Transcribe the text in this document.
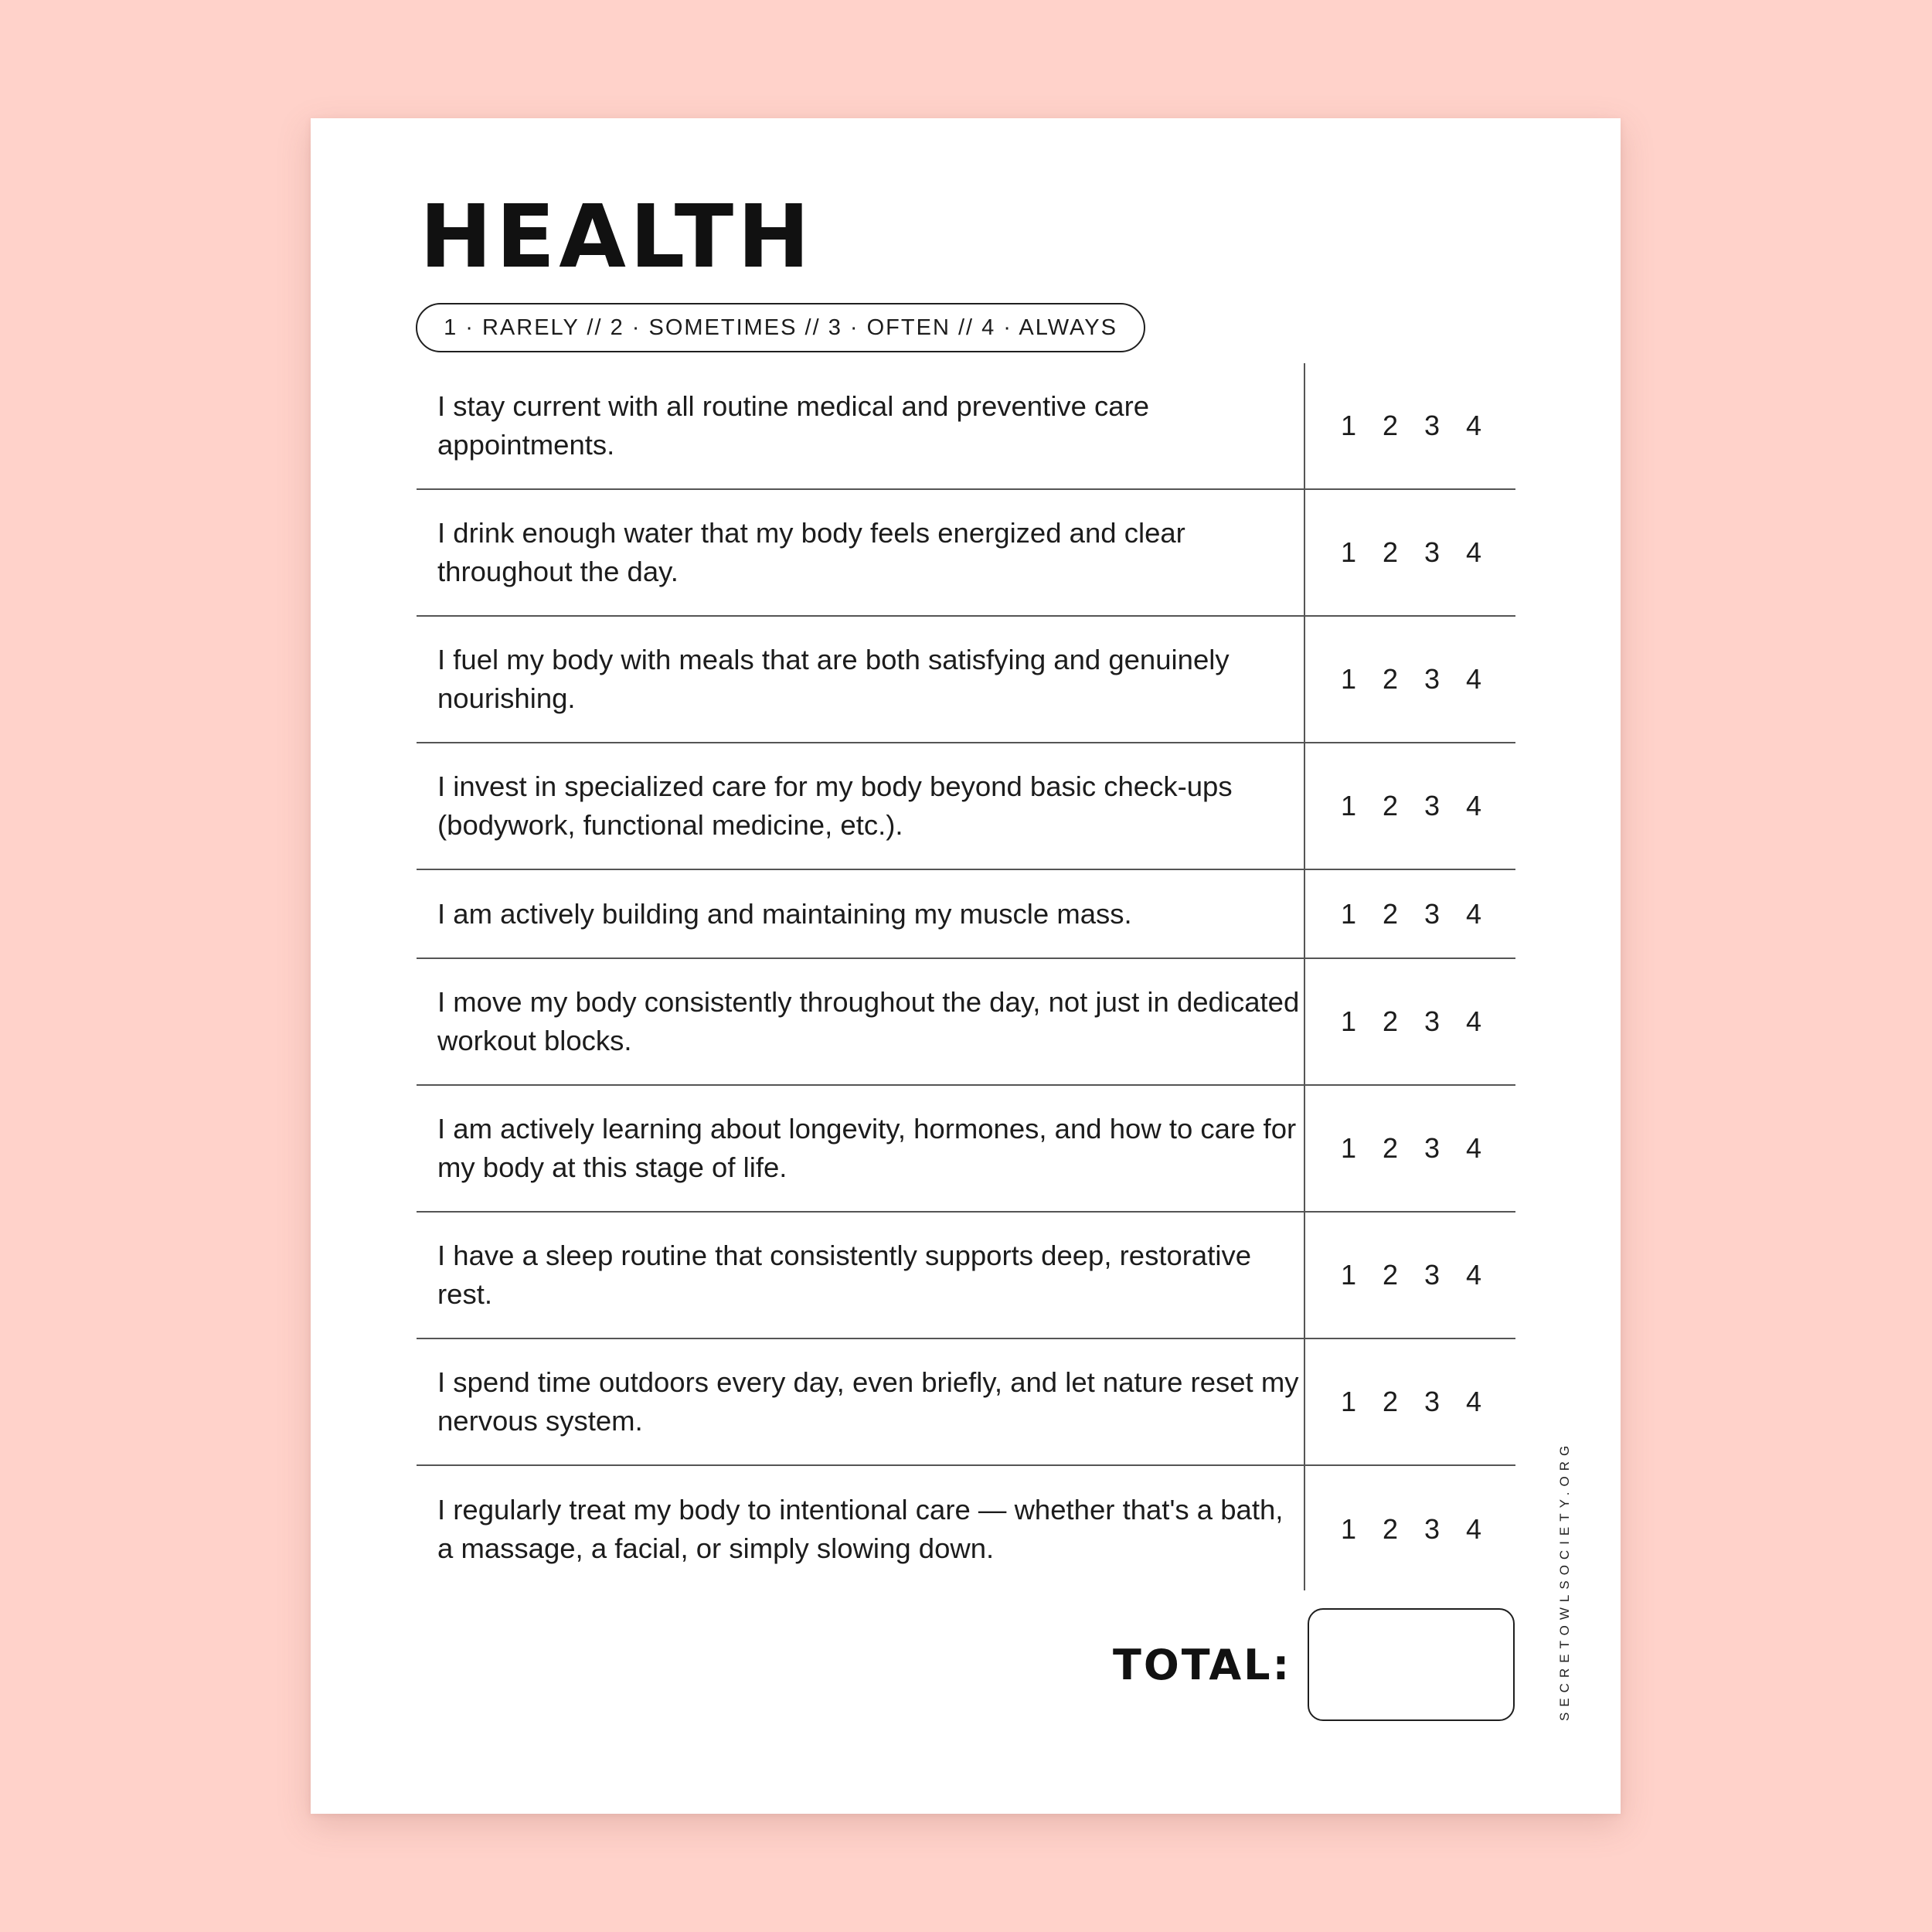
HEALTH
1 · RARELY // 2 · SOMETIMES // 3 · OFTEN // 4 · ALWAYS
I stay current with all routine medical and preventive care appointments.
1 2 3 4
I drink enough water that my body feels energized and clear throughout the day.
1 2 3 4
I fuel my body with meals that are both satisfying and genuinely nourishing.
1 2 3 4
I invest in specialized care for my body beyond basic check-ups (bodywork, functional medicine, etc.).
1 2 3 4
I am actively building and maintaining my muscle mass.	1 2 3 4
I move my body consistently throughout the day, not just in dedicated workout blocks.
1 2 3 4
I am actively learning about longevity, hormones, and how to care for my body at this stage of life.
1 2 3 4
I have a sleep routine that consistently supports deep, restorative rest.
1 2 3 4
I spend time outdoors every day, even briefly, and let nature reset my nervous system.
1 2 3 4
I regularly treat my body to intentional care — whether that's a bath, a massage, a facial, or simply slowing down.
1 2 3 4

TOTAL:	SECRETOWLSOCIETY.ORG
